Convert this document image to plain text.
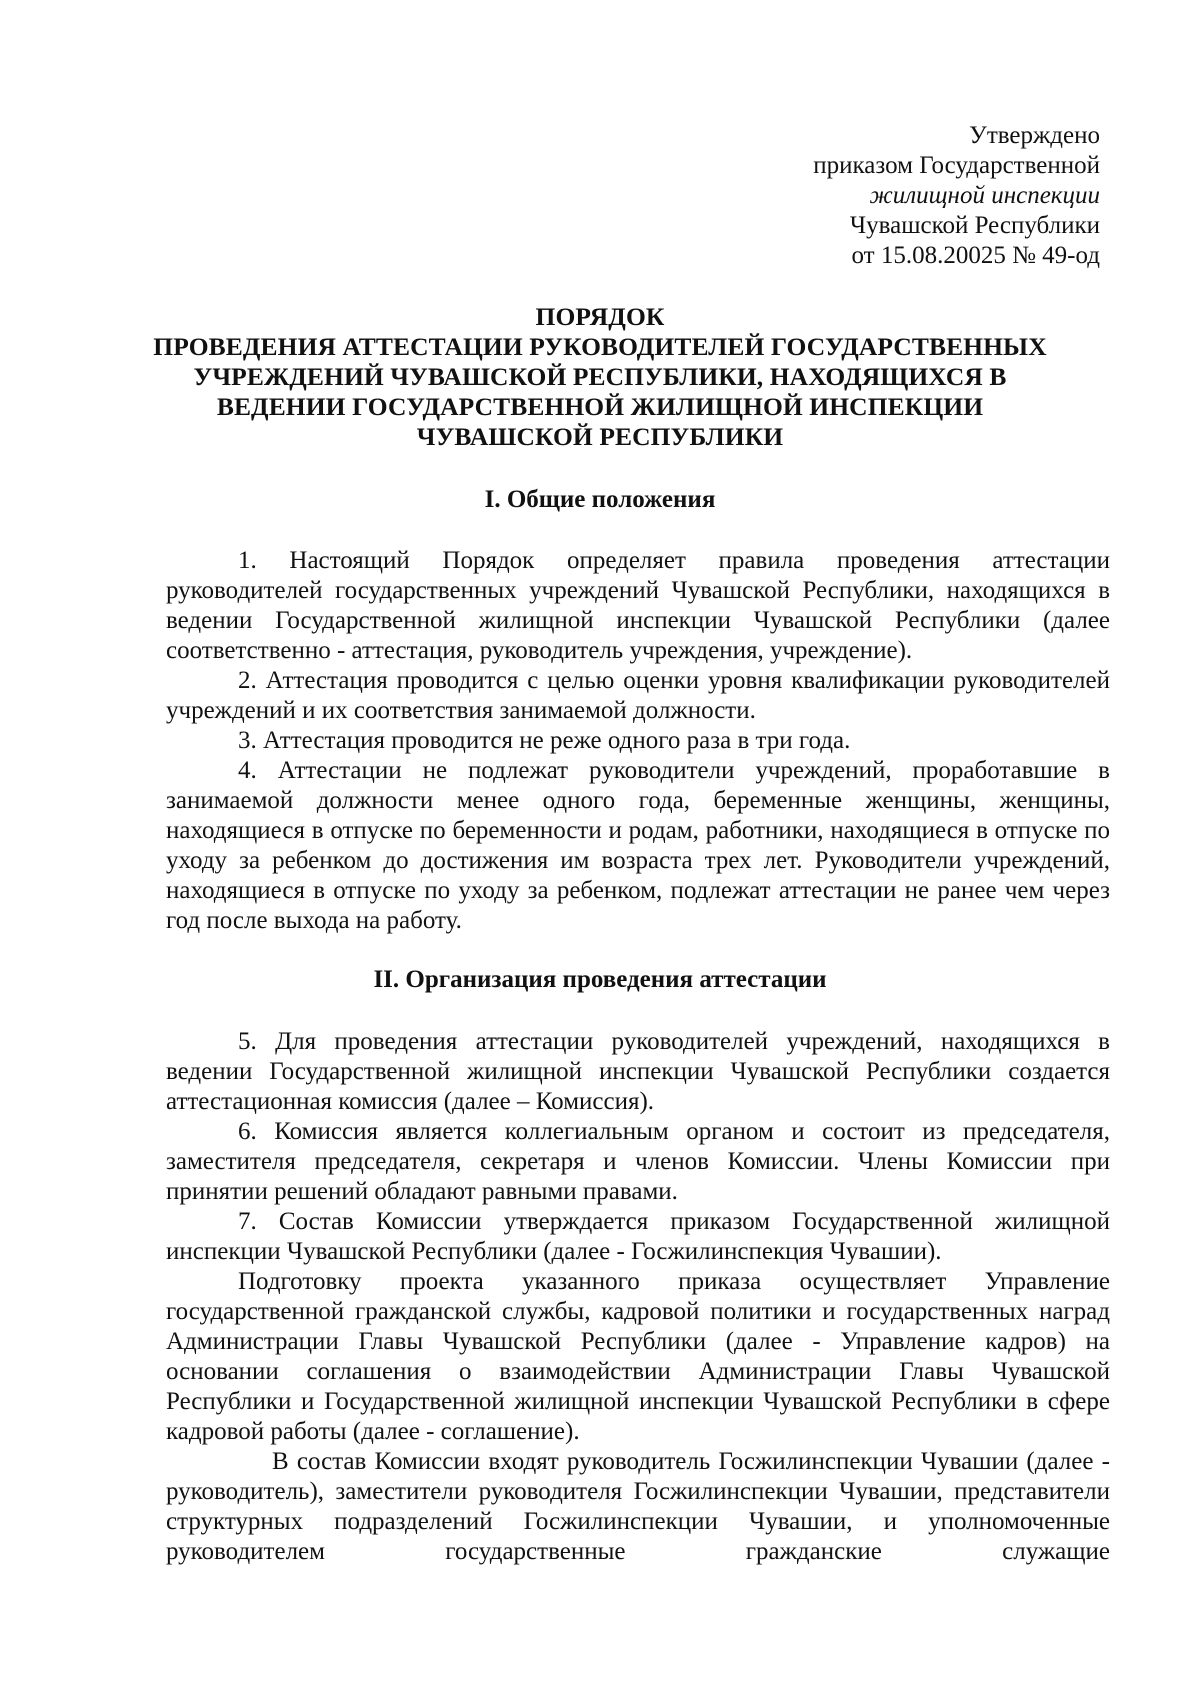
Утверждено
приказом Государственной
жилищной инспекции
Чувашской Республики
от 15.08.20025 № 49-од
ПОРЯДОК
ПРОВЕДЕНИЯ АТТЕСТАЦИИ РУКОВОДИТЕЛЕЙ ГОСУДАРСТВЕННЫХ
УЧРЕЖДЕНИЙ ЧУВАШСКОЙ РЕСПУБЛИКИ, НАХОДЯЩИХСЯ В
ВЕДЕНИИ ГОСУДАРСТВЕННОЙ ЖИЛИЩНОЙ ИНСПЕКЦИИ
ЧУВАШСКОЙ РЕСПУБЛИКИ
I. Общие положения

1. Настоящий Порядок определяет правила проведения аттестации руководителей государственных учреждений Чувашской Республики, находящихся в ведении Государственной жилищной инспекции Чувашской Республики (далее соответственно - аттестация, руководитель учреждения, учреждение).

2. Аттестация проводится с целью оценки уровня квалификации руководителей учреждений и их соответствия занимаемой должности.

3. Аттестация проводится не реже одного раза в три года.

4. Аттестации не подлежат руководители учреждений, проработавшие в занимаемой должности менее одного года, беременные женщины, женщины, находящиеся в отпуске по беременности и родам, работники, находящиеся в отпуске по уходу за ребенком до достижения им возраста трех лет. Руководители учреждений, находящиеся в отпуске по уходу за ребенком, подлежат аттестации не ранее чем через год после выхода на работу.

II. Организация проведения аттестации

5. Для проведения аттестации руководителей учреждений, находящихся в ведении Государственной жилищной инспекции Чувашской Республики создается аттестационная комиссия (далее – Комиссия).

6. Комиссия является коллегиальным органом и состоит из председателя, заместителя председателя, секретаря и членов Комиссии. Члены Комиссии при принятии решений обладают равными правами.

7. Состав Комиссии утверждается приказом Государственной жилищной инспекции Чувашской Республики (далее - Госжилинспекция Чувашии).

Подготовку проекта указанного приказа осуществляет Управление государственной гражданской службы, кадровой политики и государственных наград Администрации Главы Чувашской Республики (далее - Управление кадров) на основании соглашения о взаимодействии Администрации Главы Чувашской Республики и Государственной жилищной инспекции Чувашской Республики в сфере кадровой работы (далее - соглашение).

В состав Комиссии входят руководитель Госжилинспекции Чувашии (далее - руководитель), заместители руководителя Госжилинспекции Чувашии, представители структурных подразделений Госжилинспекции Чувашии, и уполномоченные руководителем государственные гражданские служащие
